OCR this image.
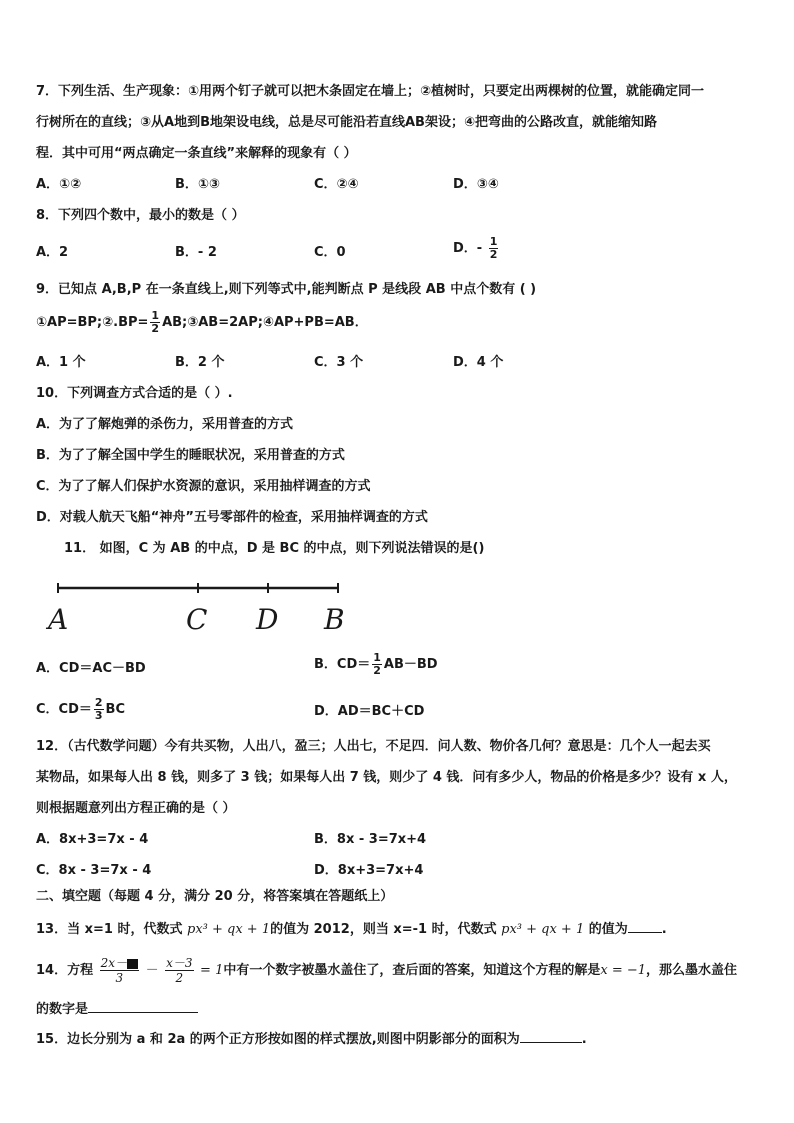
7．下列生活、生产现象：①用两个钉子就可以把木条固定在墙上；②植树时，只要定出两棵树的位置，就能确定同一
行树所在的直线；③从A地到B地架设电线，总是尽可能沿若直线AB架设；④把弯曲的公路改直，就能缩知路
程．其中可用“两点确定一条直线”来解释的现象有（ ）
A．①②	B．①③	C．②④	D．③④
8．下列四个数中，最小的数是（ ）
A．2	B．- 2	C．0	D．- $\frac{1}{2}$
9．已知点 A,B,P 在一条直线上,则下列等式中,能判断点 P 是线段 AB 中点个数有 ( )
①AP=BP;②.BP= $\frac{1}{2}$ AB;③AB=2AP;④AP+PB=AB．
A．1 个	B．2 个	C．3 个	D．4 个
10．下列调查方式合适的是（ ）.
A．为了了解炮弹的杀伤力，采用普查的方式
B．为了了解全国中学生的睡眠状况，采用普查的方式
C．为了了解人们保护水资源的意识，采用抽样调查的方式
D．对载人航天飞船“神舟”五号零部件的检查，采用抽样调查的方式
11． 如图，C 为 AB 的中点，D 是 BC 的中点，则下列说法错误的是()
A	C D B
A．CD＝AC－BD	B．$CD= \frac{1}{2} AB-BD$
C．$CD= \frac{2}{3}$ BC	D．AD＝BC＋CD
12．（古代数学问题）今有共买物，人出八，盈三；人出七，不足四．问人数、物价各几何？意思是：几个人一起去买
某物品，如果每人出 8 钱，则多了 3 钱；如果每人出 7 钱，则少了 4 钱．问有多少人，物品的价格是多少？设有 x 人，
则根据题意列出方程正确的是（ ）
A．8x+3=7x - 4	B．8x - 3=7x+4
C．8x - 3=7x - 4	D．8x+3=7x+4
二、填空题（每题 4 分，满分 20 分，将答案填在答题纸上）
13．当 x=1 时，代数式 px³ + qx + 1的值为 2012，则当 x=-1 时，代数式 px³ + qx + 1 的值为	.
14．方程 $\frac{2x-}{3} - \frac{x-3}{2} = 1$中有一个数字被墨水盖住了，查后面的答案，知道这个方程的解是x = −1，那么墨水盖住
的数字是
15．边长分别为 a 和 2a 的两个正方形按如图的样式摆放,则图中阴影部分的面积为	.
